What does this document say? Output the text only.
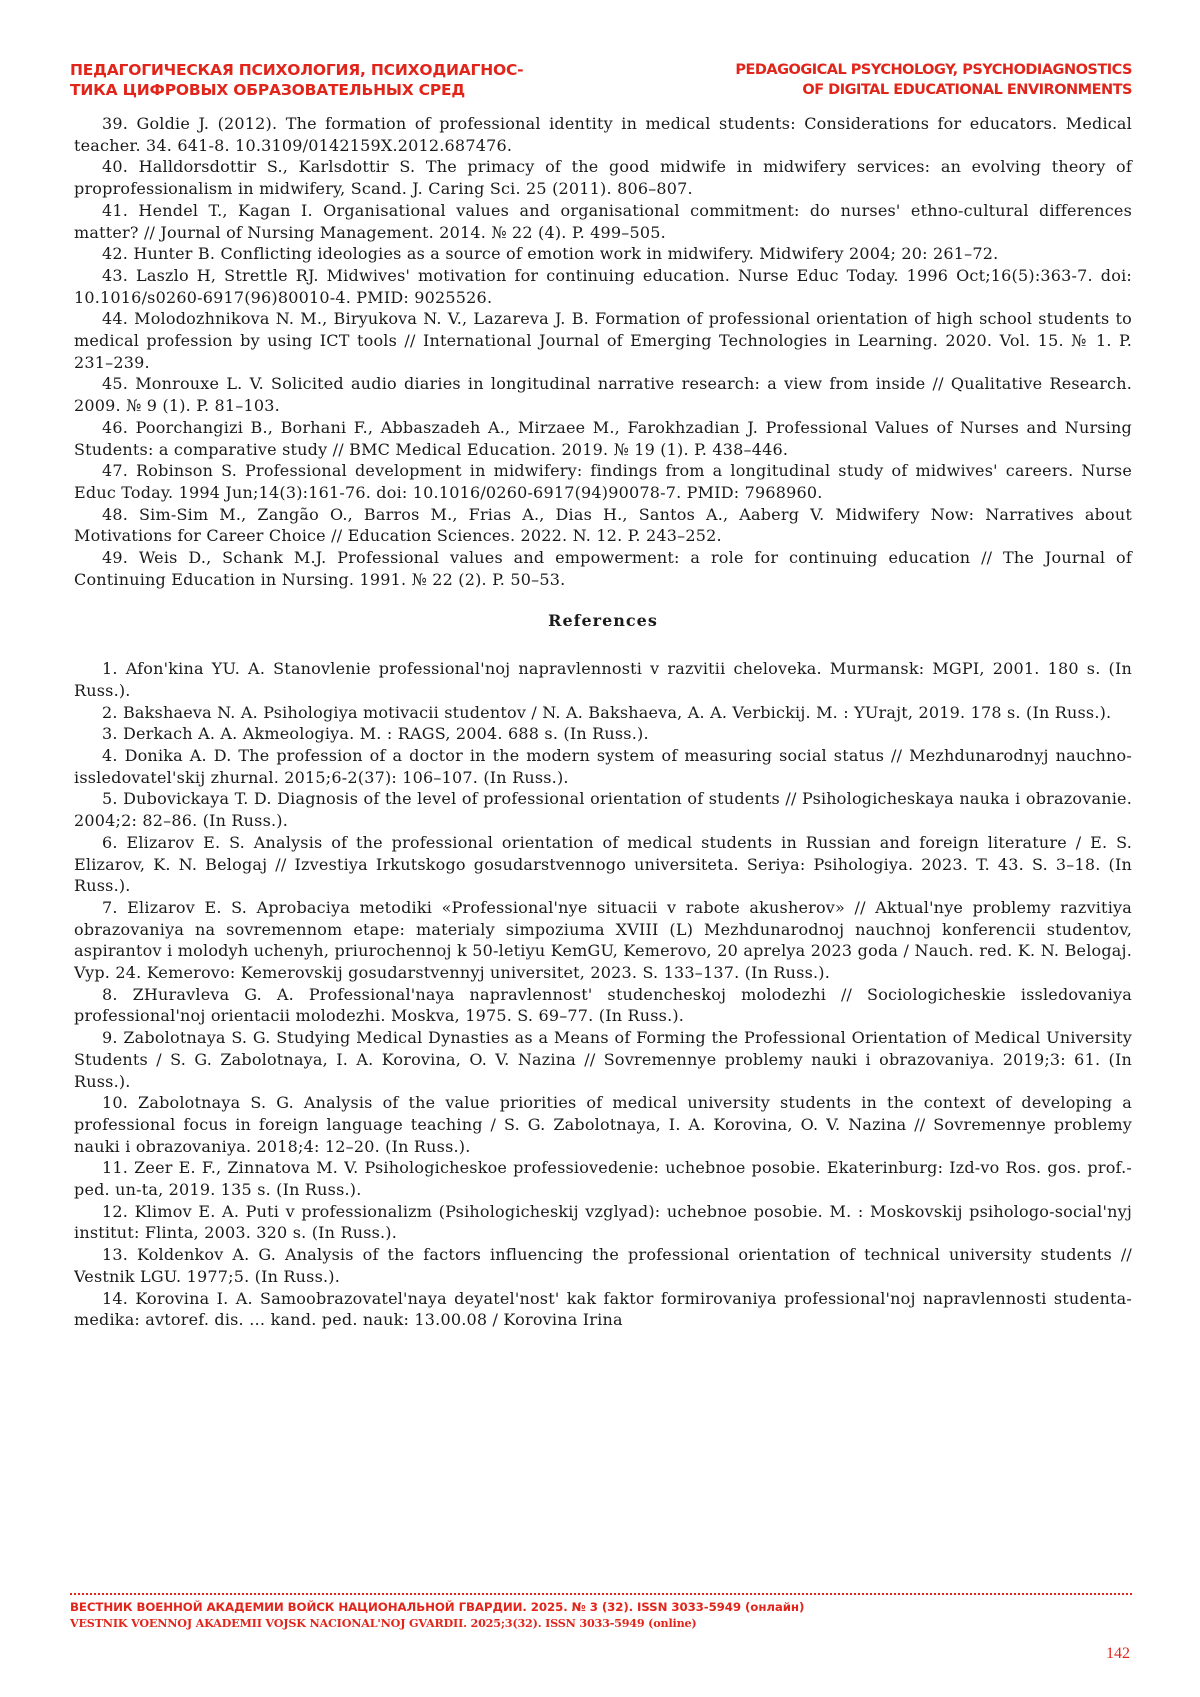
ПЕДАГОГИЧЕСКАЯ ПСИХОЛОГИЯ, ПСИХОДИАГНОС-
ТИКА ЦИФРОВЫХ ОБРАЗОВАТЕЛЬНЫХ СРЕД
PEDAGOGICAL PSYCHOLOGY, PSYCHODIAGNOSTICS
OF DIGITAL EDUCATIONAL ENVIRONMENTS

39. Goldie J. (2012). The formation of professional identity in medical students: Considerations for educators. Medical teacher. 34. 641-8. 10.3109/0142159X.2012.687476.

40. Halldorsdottir S., Karlsdottir S. The primacy of the good midwife in midwifery services: an evolving theory of proprofessionalism in midwifery, Scand. J. Caring Sci. 25 (2011). 806–807.

41. Hendel T., Kagan I. Organisational values and organisational commitment: do nurses' ethno-cultural differences matter? // Journal of Nursing Management. 2014. № 22 (4). P. 499–505.

42. Hunter B. Conflicting ideologies as a source of emotion work in midwifery. Midwifery 2004; 20: 261–72.

43. Laszlo H, Strettle RJ. Midwives' motivation for continuing education. Nurse Educ Today. 1996 Oct;16(5):363-7. doi: 10.1016/s0260-6917(96)80010-4. PMID: 9025526.

44. Molodozhnikova N. M., Biryukova N. V., Lazareva J. B. Formation of professional orientation of high school students to medical profession by using ICT tools // International Journal of Emerging Technologies in Learning. 2020. Vol. 15. № 1. P. 231–239.

45. Monrouxe L. V. Solicited audio diaries in longitudinal narrative research: a view from inside // Qualitative Research. 2009. № 9 (1). P. 81–103.

46. Poorchangizi B., Borhani F., Abbaszadeh A., Mirzaee M., Farokhzadian J. Professional Values of Nurses and Nursing Students: a comparative study // BMC Medical Education. 2019. № 19 (1). P. 438–446.

47. Robinson S. Professional development in midwifery: findings from a longitudinal study of midwives' careers. Nurse Educ Today. 1994 Jun;14(3):161-76. doi: 10.1016/0260-6917(94)90078-7. PMID: 7968960.

48. Sim-Sim M., Zangão O., Barros M., Frias A., Dias H., Santos A., Aaberg V. Midwifery Now: Narratives about Motivations for Career Choice // Education Sciences. 2022. N. 12. P. 243–252.

49. Weis D., Schank M.J. Professional values and empowerment: a role for continuing education // The Journal of Continuing Education in Nursing. 1991. № 22 (2). P. 50–53.

References

1. Afon'kina YU. A. Stanovlenie professional'noj napravlennosti v razvitii cheloveka. Murmansk: MGPI, 2001. 180 s. (In Russ.).

2. Bakshaeva N. A. Psihologiya motivacii studentov / N. A. Bakshaeva, A. A. Verbickij. M. : YUrajt, 2019. 178 s. (In Russ.).

3. Derkach A. A. Akmeologiya. M. : RAGS, 2004. 688 s. (In Russ.).

4. Donika A. D. The profession of a doctor in the modern system of measuring social status // Mezhdunarodnyj nauchno-issledovatel'skij zhurnal. 2015;6-2(37): 106–107. (In Russ.).

5. Dubovickaya T. D. Diagnosis of the level of professional orientation of students // Psihologicheskaya nauka i obrazovanie. 2004;2: 82–86. (In Russ.).

6. Elizarov E. S. Analysis of the professional orientation of medical students in Russian and foreign literature / E. S. Elizarov, K. N. Belogaj // Izvestiya Irkutskogo gosudarstvennogo universiteta. Seriya: Psihologiya. 2023. T. 43. S. 3–18. (In Russ.).

7. Elizarov E. S. Aprobaciya metodiki «Professional'nye situacii v rabote akusherov» // Aktual'nye problemy razvitiya obrazovaniya na sovremennom etape: materialy simpoziuma XVIII (L) Mezhdunarodnoj nauchnoj konferencii studentov, aspirantov i molodyh uchenyh, priurochennoj k 50-letiyu KemGU, Kemerovo, 20 aprelya 2023 goda / Nauch. red. K. N. Belogaj. Vyp. 24. Kemerovo: Kemerovskij gosudarstvennyj universitet, 2023. S. 133–137. (In Russ.).

8. ZHuravleva G. A. Professional'naya napravlennost' studencheskoj molodezhi // Sociologicheskie issledovaniya professional'noj orientacii molodezhi. Moskva, 1975. S. 69–77. (In Russ.).

9. Zabolotnaya S. G. Studying Medical Dynasties as a Means of Forming the Professional Orientation of Medical University Students / S. G. Zabolotnaya, I. A. Korovina, O. V. Nazina // Sovremennye problemy nauki i obrazovaniya. 2019;3: 61. (In Russ.).

10. Zabolotnaya S. G. Analysis of the value priorities of medical university students in the context of developing a professional focus in foreign language teaching / S. G. Zabolotnaya, I. A. Korovina, O. V. Nazina // Sovremennye problemy nauki i obrazovaniya. 2018;4: 12–20. (In Russ.).

11. Zeer E. F., Zinnatova M. V. Psihologicheskoe professiovedenie: uchebnoe posobie. Ekaterinburg: Izd-vo Ros. gos. prof.-ped. un-ta, 2019. 135 s. (In Russ.).

12. Klimov E. A. Puti v professionalizm (Psihologicheskij vzglyad): uchebnoe posobie. M. : Moskovskij psihologo-social'nyj institut: Flinta, 2003. 320 s. (In Russ.).

13. Koldenkov A. G. Analysis of the factors influencing the professional orientation of technical university students // Vestnik LGU. 1977;5. (In Russ.).

14. Korovina I. A. Samoobrazovatel'naya deyatel'nost' kak faktor formirovaniya professional'noj napravlennosti studenta-medika: avtoref. dis. … kand. ped. nauk: 13.00.08 / Korovina Irina

ВЕСТНИК ВОЕННОЙ АКАДЕМИИ ВОЙСК НАЦИОНАЛЬНОЙ ГВАРДИИ. 2025. № 3 (32). ISSN 3033-5949 (онлайн)
VESTNIK VOENNOJ AKADEMII VOJSK NACIONAL'NOJ GVARDII. 2025;3(32). ISSN 3033-5949 (online)
142
